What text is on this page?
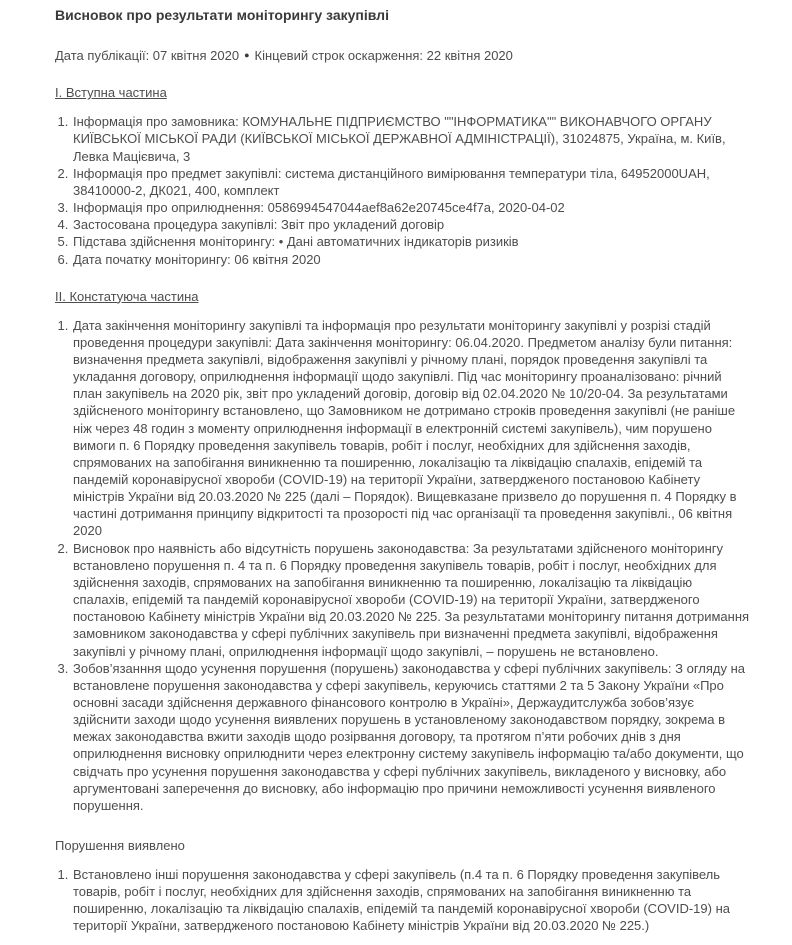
Висновок про результати моніторингу закупівлі

Дата публікації: 07 квітня 2020 ● Кінцевий строк оскарження: 22 квітня 2020

I. Вступна частина
1. Інформація про замовника: КОМУНАЛЬНЕ ПІДПРИЄМСТВО ""ІНФОРМАТИКА"" ВИКОНАВЧОГО ОРГАНУ КИЇВСЬКОЇ МІСЬКОЇ РАДИ (КИЇВСЬКОЇ МІСЬКОЇ ДЕРЖАВНОЇ АДМІНІСТРАЦІЇ), 31024875, Україна, м. Київ, Левка Мацієвича, 3
2. Інформація про предмет закупівлі: система дистанційного вимірювання температури тіла, 64952000UAH, 38410000-2, ДК021, 400, комплект
3. Інформація про оприлюднення: 0586994547044aef8a62e20745ce4f7a, 2020-04-02
4. Застосована процедура закупівлі: Звіт про укладений договір
5. Підстава здійснення моніторингу: • Дані автоматичних індикаторів ризиків
6. Дата початку моніторингу: 06 квітня 2020
II. Констатуюча частина
1. Дата закінчення моніторингу закупівлі та інформація про результати моніторингу закупівлі у розрізі стадій проведення процедури закупівлі: Дата закінчення моніторингу: 06.04.2020. Предметом аналізу були питання: визначення предмета закупівлі, відображення закупівлі у річному плані, порядок проведення закупівлі та укладання договору, оприлюднення інформації щодо закупівлі. Під час моніторингу проаналізовано: річний план закупівель на 2020 рік, звіт про укладений договір, договір від 02.04.2020 № 10/20-04. За результатами здійсненого моніторингу встановлено, що Замовником не дотримано строків проведення закупівлі (не раніше ніж через 48 годин з моменту оприлюднення інформації в електронній системі закупівель), чим порушено вимоги п. 6 Порядку проведення закупівель товарів, робіт і послуг, необхідних для здійснення заходів, спрямованих на запобігання виникненню та поширенню, локалізацію та ліквідацію спалахів, епідемій та пандемій коронавірусної хвороби (COVID-19) на території України, затвердженого постановою Кабінету міністрів України від 20.03.2020 № 225 (далі – Порядок). Вищевказане призвело до порушення п. 4 Порядку в частині дотримання принципу відкритості та прозорості під час організації та проведення закупівлі., 06 квітня 2020
2. Висновок про наявність або відсутність порушень законодавства: За результатами здійсненого моніторингу встановлено порушення п. 4 та п. 6 Порядку проведення закупівель товарів, робіт і послуг, необхідних для здійснення заходів, спрямованих на запобігання виникненню та поширенню, локалізацію та ліквідацію спалахів, епідемій та пандемій коронавірусної хвороби (COVID-19) на території України, затвердженого постановою Кабінету міністрів України від 20.03.2020 № 225. За результатами моніторингу питання дотримання замовником законодавства у сфері публічних закупівель при визначенні предмета закупівлі, відображення закупівлі у річному плані, оприлюднення інформації щодо закупівлі, – порушень не встановлено.
3. Зобов’язанння щодо усунення порушення (порушень) законодавства у сфері публічних закупівель: З огляду на встановлене порушення законодавства у сфері закупівель, керуючись статтями 2 та 5 Закону України «Про основні засади здійснення державного фінансового контролю в Україні», Держаудитслужба зобов’язує здійснити заходи щодо усунення виявлених порушень в установленому законодавством порядку, зокрема в межах законодавства вжити заходів щодо розірвання договору, та протягом п’яти робочих днів з дня оприлюднення висновку оприлюднити через електронну систему закупівель інформацію та/або документи, що свідчать про усунення порушення законодавства у сфері публічних закупівель, викладеного у висновку, або аргументовані заперечення до висновку, або інформацію про причини неможливості усунення виявленого порушення.
Порушення виявлено
1. Встановлено інші порушення законодавства у сфері закупівель (п.4 та п. 6 Порядку проведення закупівель товарів, робіт і послуг, необхідних для здійснення заходів, спрямованих на запобігання виникненню та поширенню, локалізацію та ліквідацію спалахів, епідемій та пандемій коронавірусної хвороби (COVID-19) на території України, затвердженого постановою Кабінету міністрів України від 20.03.2020 № 225.)
